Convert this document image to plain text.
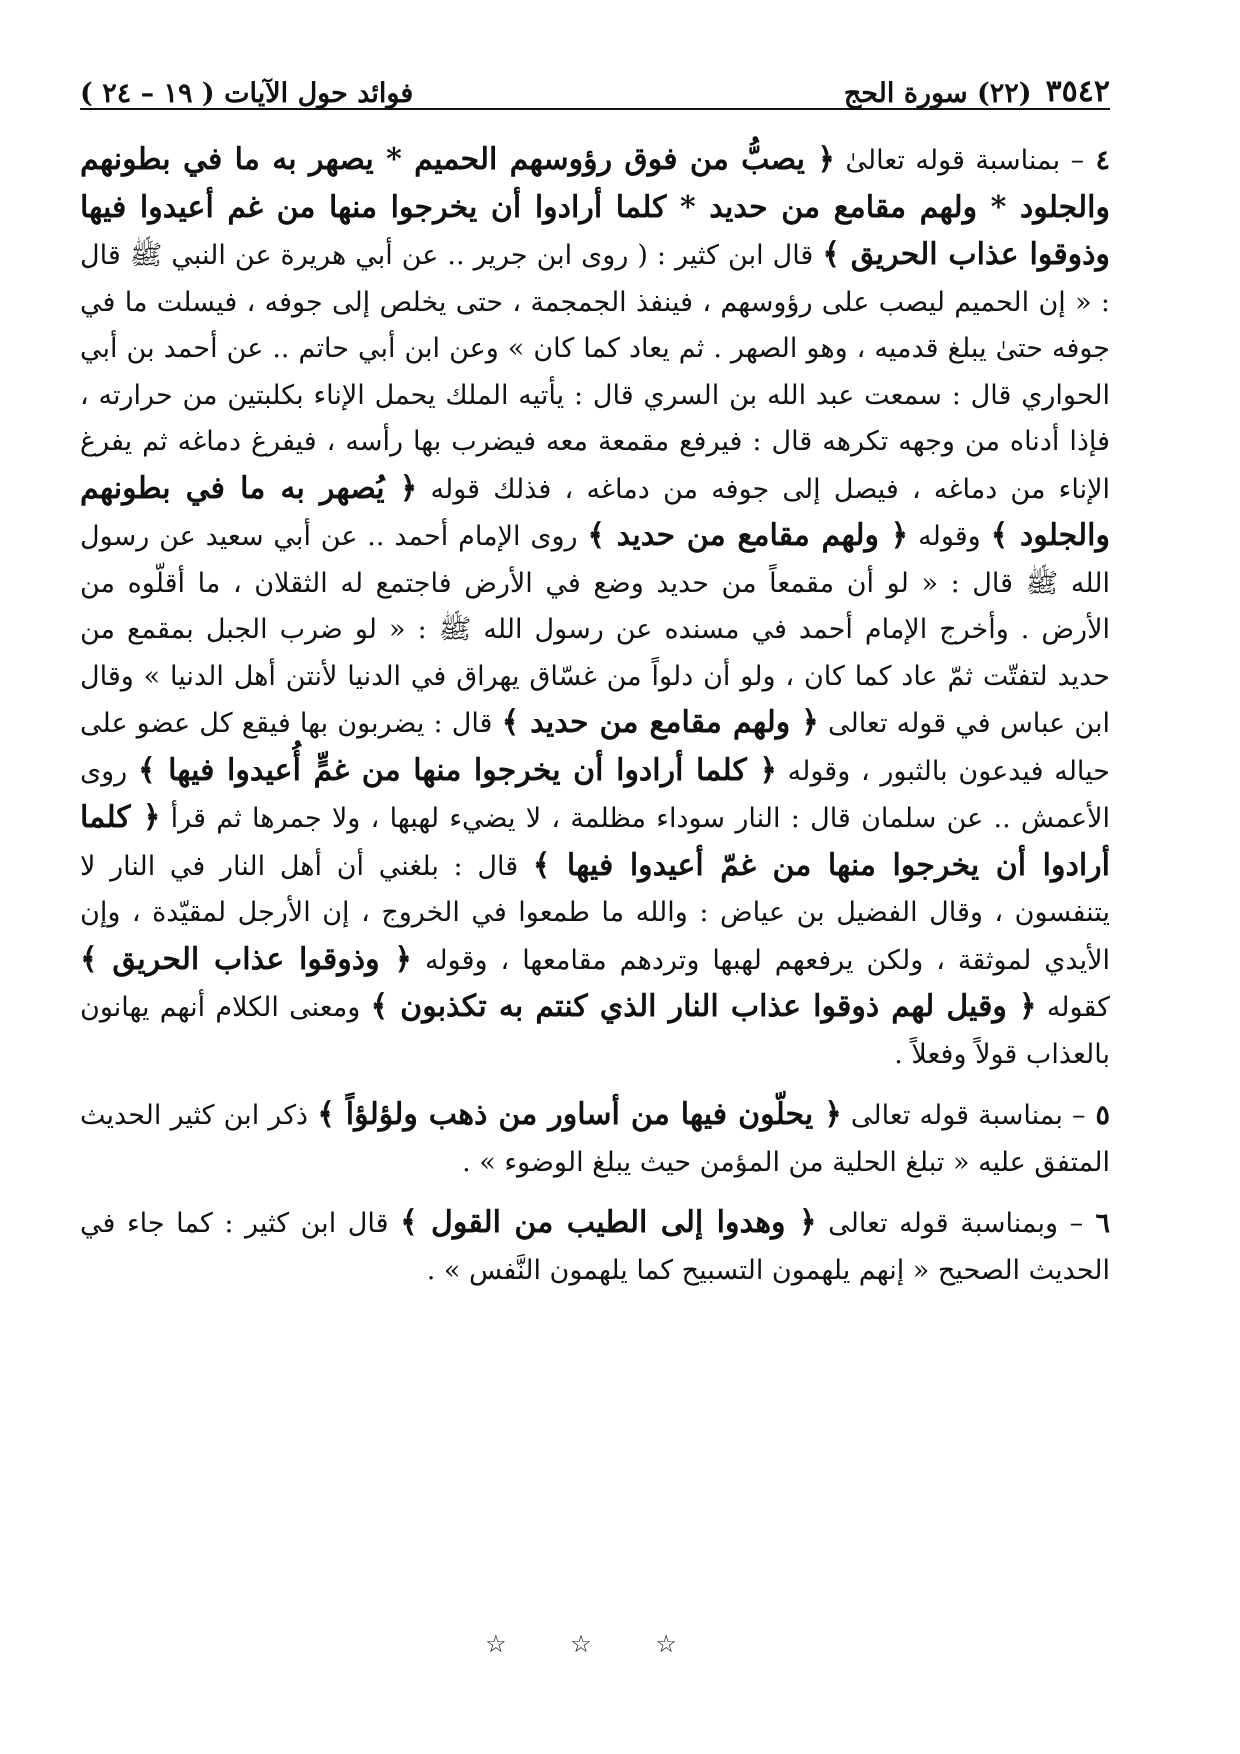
٣٥٤٢
(٢٢) سورة الحج
فوائد حول الآيات ( ١٩ – ٢٤ )

٤ – بمناسبة قوله تعالىٰ ﴿ يصبُّ من فوق رؤوسهم الحميم * يصهر به ما في بطونهم والجلود * ولهم مقامع من حديد * كلما أرادوا أن يخرجوا منها من غم أعيدوا فيها وذوقوا عذاب الحريق ﴾ قال ابن كثير : ( روى ابن جرير .. عن أبي هريرة عن النبي ﷺ قال : « إن الحميم ليصب على رؤوسهم ، فينفذ الجمجمة ، حتى يخلص إلى جوفه ، فيسلت ما في جوفه حتىٰ يبلغ قدميه ، وهو الصهر . ثم يعاد كما كان » وعن ابن أبي حاتم .. عن أحمد بن أبي الحواري قال : سمعت عبد الله بن السري قال : يأتيه الملك يحمل الإناء بكلبتين من حرارته ، فإذا أدناه من وجهه تكرهه قال : فيرفع مقمعة معه فيضرب بها رأسه ، فيفرغ دماغه ثم يفرغ الإناء من دماغه ، فيصل إلى جوفه من دماغه ، فذلك قوله ﴿ يُصهر به ما في بطونهم والجلود ﴾ وقوله ﴿ ولهم مقامع من حديد ﴾ روى الإمام أحمد .. عن أبي سعيد عن رسول الله ﷺ قال : « لو أن مقمعاً من حديد وضع في الأرض فاجتمع له الثقلان ، ما أقلّوه من الأرض . وأخرج الإمام أحمد في مسنده عن رسول الله ﷺ : « لو ضرب الجبل بمقمع من حديد لتفتّت ثمّ عاد كما كان ، ولو أن دلواً من غسّاق يهراق في الدنيا لأنتن أهل الدنيا » وقال ابن عباس في قوله تعالى ﴿ ولهم مقامع من حديد ﴾ قال : يضربون بها فيقع كل عضو على حياله فيدعون بالثبور ، وقوله ﴿ كلما أرادوا أن يخرجوا منها من غمٍّ أُعيدوا فيها ﴾ روى الأعمش .. عن سلمان قال : النار سوداء مظلمة ، لا يضيء لهبها ، ولا جمرها ثم قرأ ﴿ كلما أرادوا أن يخرجوا منها من غمّ أعيدوا فيها ﴾ قال : بلغني أن أهل النار في النار لا يتنفسون ، وقال الفضيل بن عياض : والله ما طمعوا في الخروج ، إن الأرجل لمقيّدة ، وإن الأيدي لموثقة ، ولكن يرفعهم لهبها وتردهم مقامعها ، وقوله ﴿ وذوقوا عذاب الحريق ﴾ كقوله ﴿ وقيل لهم ذوقوا عذاب النار الذي كنتم به تكذبون ﴾ ومعنى الكلام أنهم يهانون بالعذاب قولاً وفعلاً .

٥ – بمناسبة قوله تعالى ﴿ يحلّون فيها من أساور من ذهب ولؤلؤاً ﴾ ذكر ابن كثير الحديث المتفق عليه « تبلغ الحلية من المؤمن حيث يبلغ الوضوء » .

٦ – وبمناسبة قوله تعالى ﴿ وهدوا إلى الطيب من القول ﴾ قال ابن كثير : كما جاء في الحديث الصحيح « إنهم يلهمون التسبيح كما يلهمون النَّفس » .

☆ ☆ ☆
